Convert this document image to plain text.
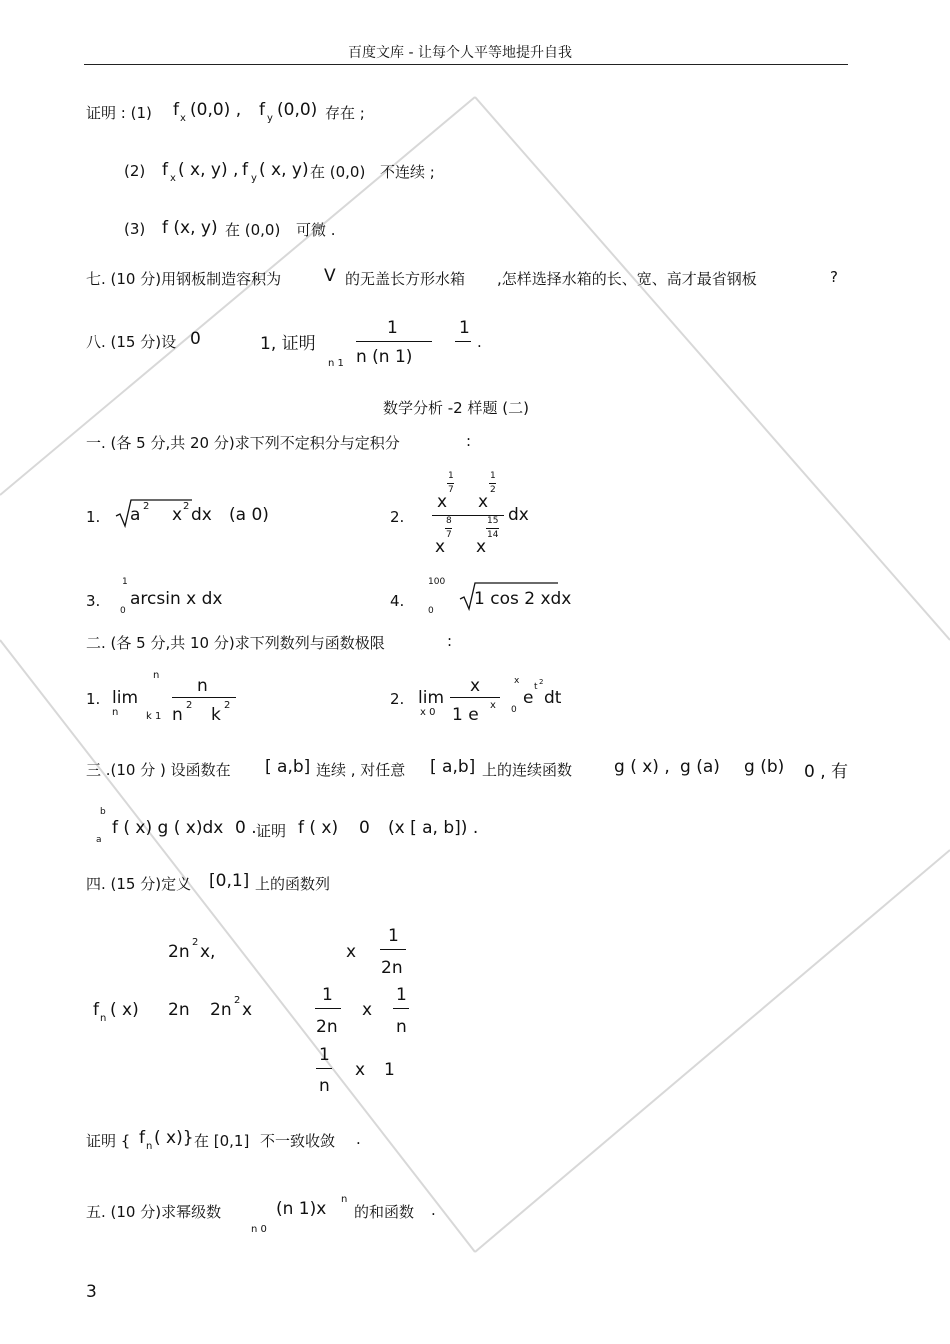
百度文库 - 让每个人平等地提升自我
证明 : (1) f x (0,0) , f y (0,0) 存在 ;
(2) f x ( x, y) , f y ( x, y) 在 (0,0) 不连续 ;
(3) f (x, y) 在 (0,0) 可微 .
七. (10 分)用钢板制造容积为	V 的无盖长方形水箱 ,怎样选择水箱的长、宽、高才最省钢板	?
八. (15 分)设 0	1, 证明
1
n (n 1)
n 1
1
.
数学分析 -2 样题 (二)
一. (各 5 分,共 20 分)求下列不定积分与定积分	:
1. a 2 x 2 dx (a 0)	2.
x
1
7
x
1
2
x
8
7
x
15
14
dx
3.
1
0
arcsin x dx	4.
100
0
1 cos 2 xdx
二. (各 5 分,共 10 分)求下列数列与函数极限	:
1. lim
n
n
k 1
n
n 2 k 2	2. lim
x 0
x
1 e x
x
0
e
t 2
dt
三 .(10 分 ) 设函数在 [ a,b] 连续 , 对任意 [ a,b] 上的连续函数 g ( x) , g (a) g (b) 0 , 有
b
a
f ( x) g ( x)dx 0 . 证明 f ( x) 0 (x [ a, b]) .
四. (15 分)定义 [0,1] 上的函数列
2n 2 x,	x
1
2n
f n ( x) 2n 2n 2 x
1
2n
x
1
n
1
n
x 1
证明 { f n ( x)} 在 [0,1] 不一致收敛 .
五. (10 分)求幂级数	(n 1)x n
n 0
的和函数 .
3
